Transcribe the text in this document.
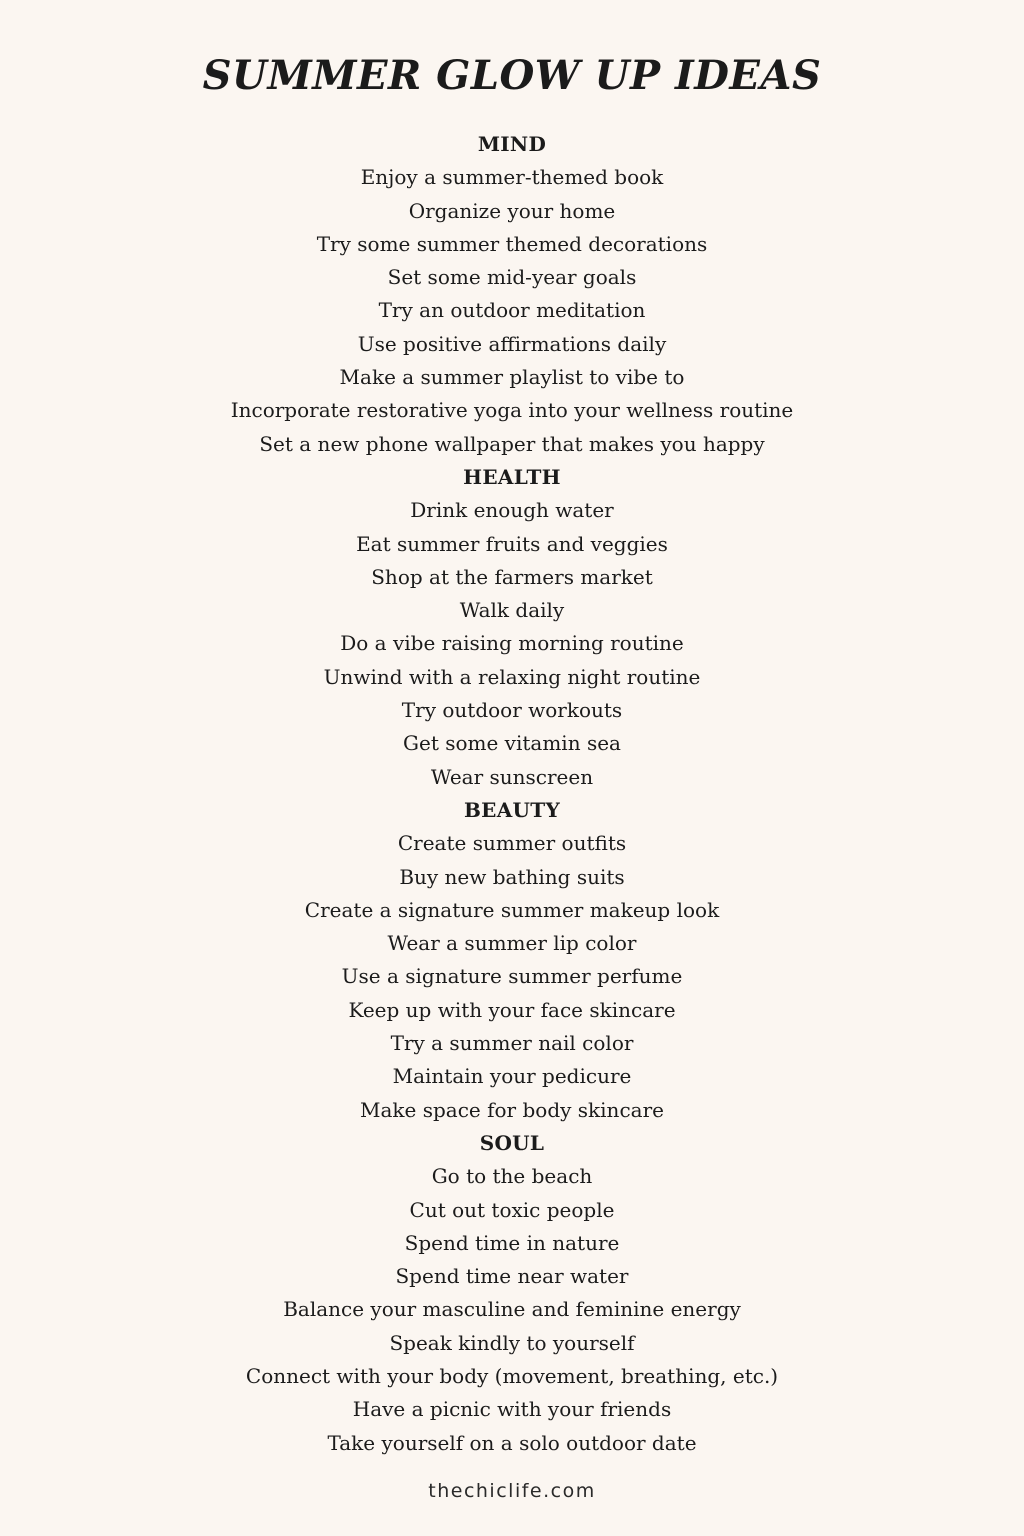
SUMMER GLOW UP IDEAS
MIND
Enjoy a summer-themed book
Organize your home
Try some summer themed decorations
Set some mid-year goals
Try an outdoor meditation
Use positive affirmations daily
Make a summer playlist to vibe to
Incorporate restorative yoga into your wellness routine
Set a new phone wallpaper that makes you happy
HEALTH
Drink enough water
Eat summer fruits and veggies
Shop at the farmers market
Walk daily
Do a vibe raising morning routine
Unwind with a relaxing night routine
Try outdoor workouts
Get some vitamin sea
Wear sunscreen
BEAUTY
Create summer outfits
Buy new bathing suits
Create a signature summer makeup look
Wear a summer lip color
Use a signature summer perfume
Keep up with your face skincare
Try a summer nail color
Maintain your pedicure
Make space for body skincare
SOUL
Go to the beach
Cut out toxic people
Spend time in nature
Spend time near water
Balance your masculine and feminine energy
Speak kindly to yourself
Connect with your body (movement, breathing, etc.)
Have a picnic with your friends
Take yourself on a solo outdoor date
thechiclife.com
